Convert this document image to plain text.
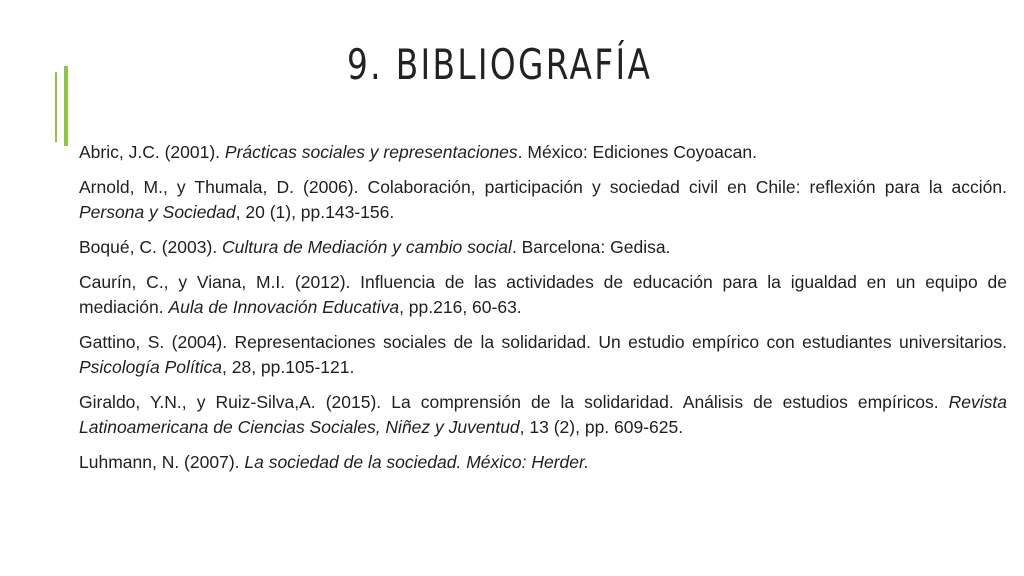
9. BIBLIOGRAFÍA

Abric, J.C. (2001). Prácticas sociales y representaciones. México: Ediciones Coyoacan.

Arnold, M., y Thumala, D. (2006). Colaboración, participación y sociedad civil en Chile: reflexión para la acción. Persona y Sociedad, 20 (1), pp.143-156.

Boqué, C. (2003). Cultura de Mediación y cambio social. Barcelona: Gedisa.

Caurín, C., y Viana, M.I. (2012). Influencia de las actividades de educación para la igualdad en un equipo de mediación. Aula de Innovación Educativa, pp.216, 60-63.

Gattino, S. (2004). Representaciones sociales de la solidaridad. Un estudio empírico con estudiantes universitarios. Psicología Política, 28, pp.105-121.

Giraldo, Y.N., y Ruiz-Silva,A. (2015). La comprensión de la solidaridad. Análisis de estudios empíricos. Revista Latinoamericana de Ciencias Sociales, Niñez y Juventud, 13 (2), pp. 609-625.

Luhmann, N. (2007). La sociedad de la sociedad. México: Herder.
